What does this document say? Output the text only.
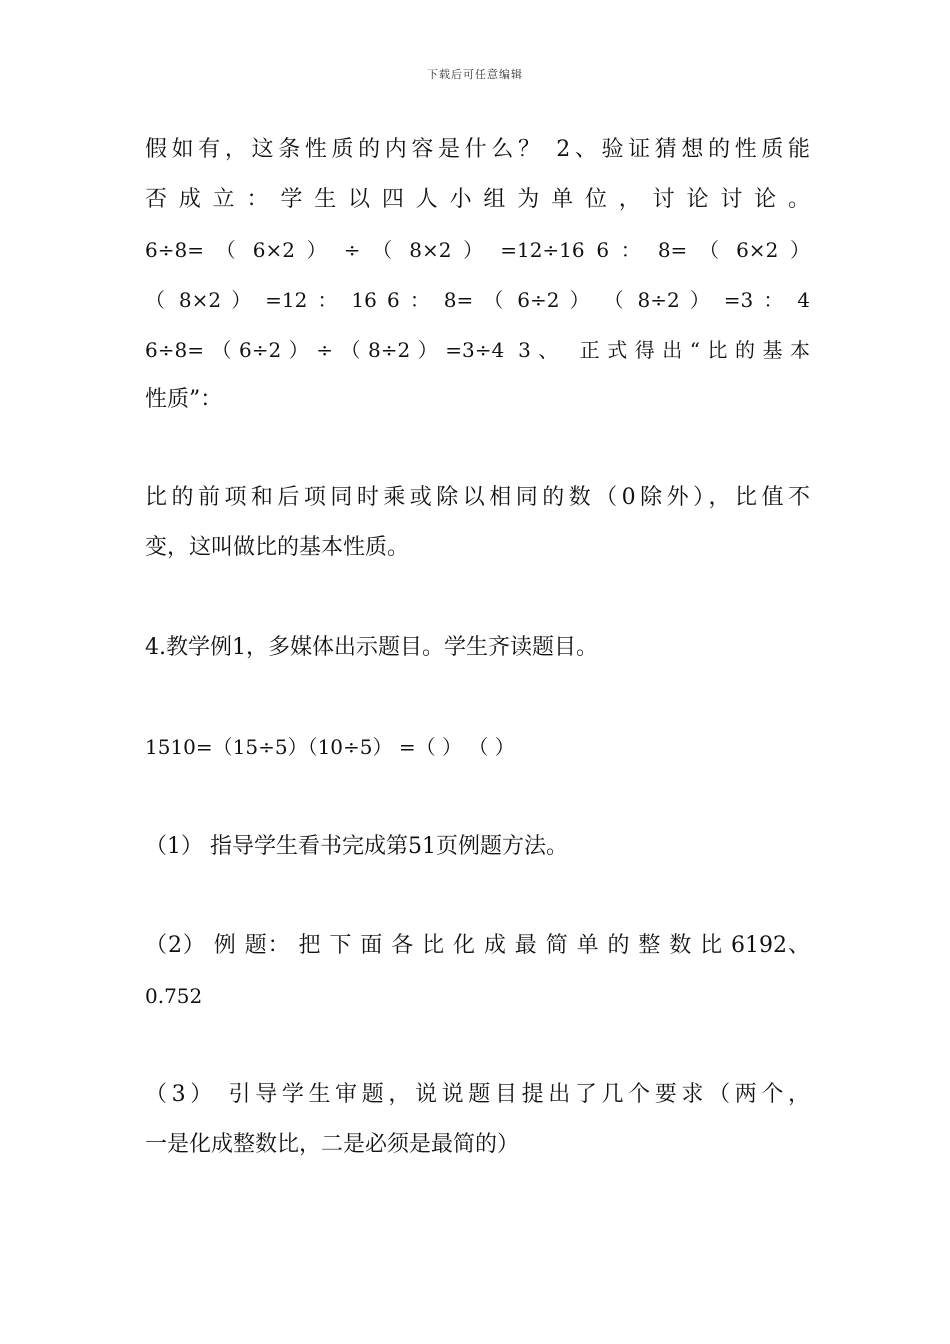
下载后可任意编辑
假如有，这条性质的内容是什么？ 2、验证猜想的性质能
否 成 立 ： 学 生 以 四 人 小 组 为 单 位 ， 讨 论 讨 论 。
6÷8= （ 6×2 ） ÷ （ 8×2 ） =12÷16 6 ： 8= （ 6×2 ）
（ 8×2 ） =12 ： 16 6 ： 8= （ 6÷2 ） （ 8÷2 ） =3 ： 4
6÷8=（6÷2）÷（8÷2）=3÷4 3、 正式得出“比的基本
性质”：
比的前项和后项同时乘或除以相同的数（0除外），比值不
变，这叫做比的基本性质。
4.教学例1，多媒体出示题目。学生齐读题目。
1510=（15÷5）（10÷5） =（ ） （ ）
（1） 指导学生看书完成第51页例题方法。
（2） 例 题： 把 下 面 各 比 化 成 最 简 单 的 整 数 比 6192、
0.752
（3） 引导学生审题，说说题目提出了几个要求（两个，
一是化成整数比，二是必须是最简的）
